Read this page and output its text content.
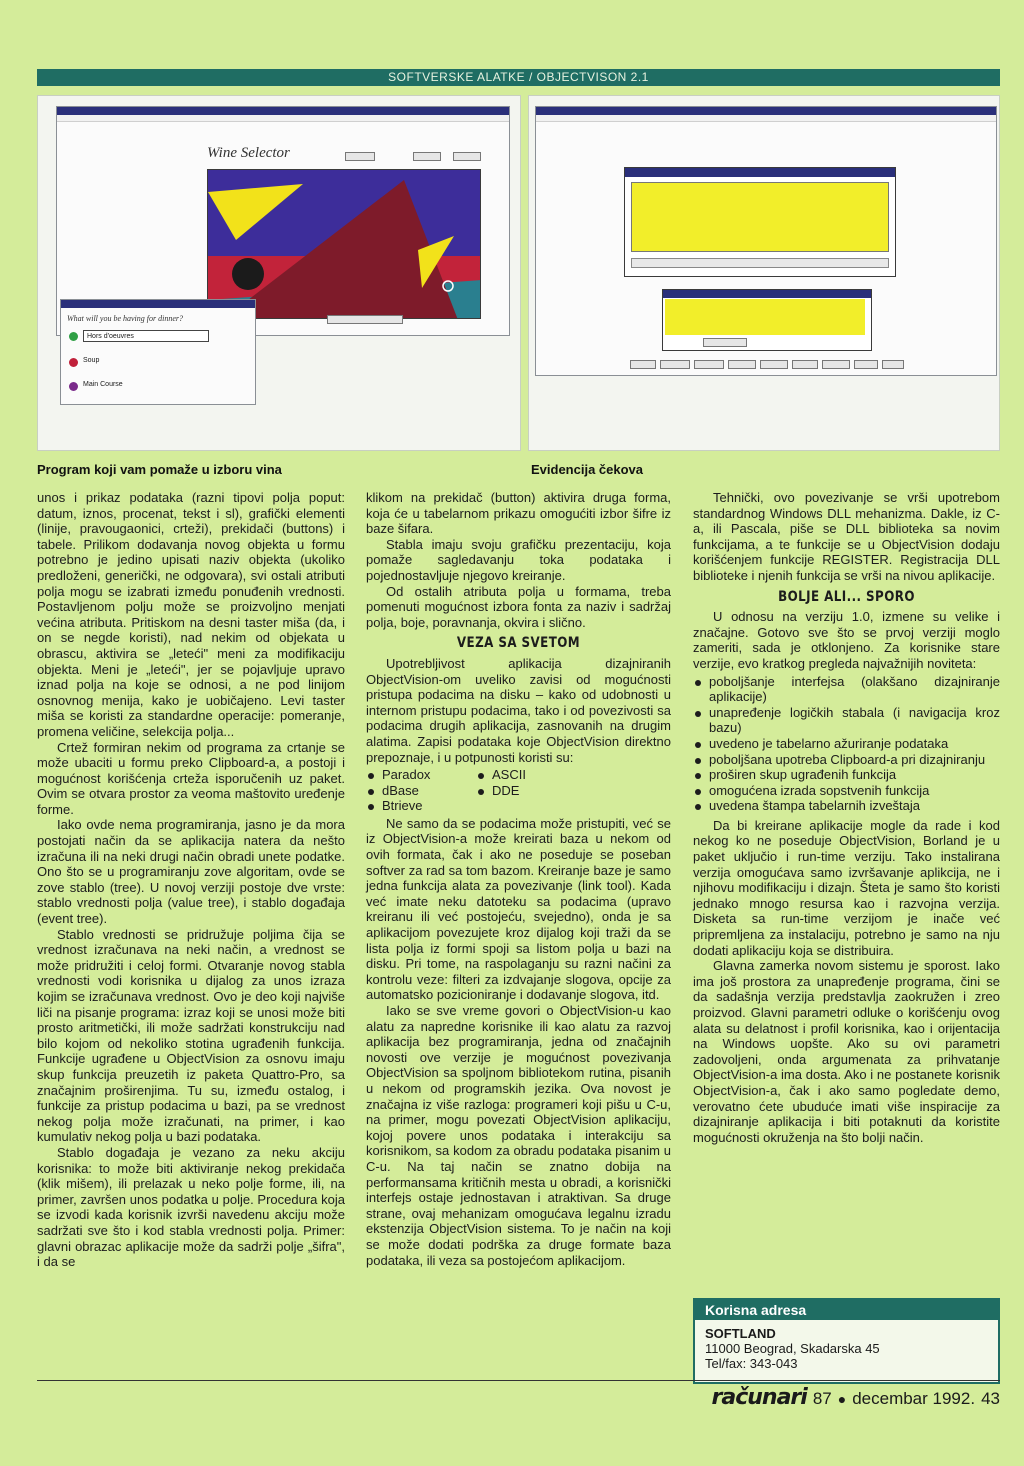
SOFTVERSKE ALATKE / OBJECTVISON 2.1
Wine Selector
What will you be having for dinner?
Hors d'oeuvres
Soup
Main Course
Program koji vam pomaže u izboru vina	Evidencija čekova

unos i prikaz podataka (razni tipovi polja poput: datum, iznos, procenat, tekst i sl), grafički elementi (linije, pravougaonici, crteži), prekidači (buttons) i tabele. Prilikom dodavanja novog objekta u formu potrebno je jedino upisati naziv objekta (ukoliko predloženi, generički, ne odgovara), svi ostali atributi polja mogu se izabrati između ponuđenih vrednosti. Postavljenom polju može se proizvoljno menjati većina atributa. Pritiskom na desni taster miša (da, i on se negde koristi), nad nekim od objekata u obrascu, aktivira se „leteći" meni za modifikaciju objekta. Meni je „leteći", jer se pojavljuje upravo iznad polja na koje se odnosi, a ne pod linijom osnovnog menija, kako je uobičajeno. Levi taster miša se koristi za standardne operacije: pomeranje, promena veličine, selekcija polja...

Crtež formiran nekim od programa za crtanje se može ubaciti u formu preko Clipboard-a, a postoji i mogućnost korišćenja crteža isporučenih uz paket. Ovim se otvara prostor za veoma maštovito uređenje forme.

Iako ovde nema programiranja, jasno je da mora postojati način da se aplikacija natera da nešto izračuna ili na neki drugi način obradi unete podatke. Ono što se u programiranju zove algoritam, ovde se zove stablo (tree). U novoj verziji postoje dve vrste: stablo vrednosti polja (value tree), i stablo događaja (event tree).

Stablo vrednosti se pridružuje poljima čija se vrednost izračunava na neki način, a vrednost se može pridružiti i celoj formi. Otvaranje novog stabla vrednosti vodi korisnika u dijalog za unos izraza kojim se izračunava vrednost. Ovo je deo koji najviše liči na pisanje programa: izraz koji se unosi može biti prosto aritmetički, ili može sadržati konstrukciju nad bilo kojom od nekoliko stotina ugrađenih funkcija. Funkcije ugrađene u ObjectVision za osnovu imaju skup funkcija preuzetih iz paketa Quattro-Pro, sa značajnim proširenjima. Tu su, između ostalog, i funkcije za pristup podacima u bazi, pa se vrednost nekog polja može izračunati, na primer, i kao kumulativ nekog polja u bazi podataka.

Stablo događaja je vezano za neku akciju korisnika: to može biti aktiviranje nekog prekidača (klik mišem), ili prelazak u neko polje forme, ili, na primer, završen unos podatka u polje. Procedura koja se izvodi kada korisnik izvrši navedenu akciju može sadržati sve što i kod stabla vrednosti polja. Primer: glavni obrazac aplikacije može da sadrži polje „šifra", i da se

klikom na prekidač (button) aktivira druga forma, koja će u tabelarnom prikazu omogućiti izbor šifre iz baze šifara.

Stabla imaju svoju grafičku prezentaciju, koja pomaže sagledavanju toka podataka i pojednostavljuje njegovo kreiranje.

Od ostalih atributa polja u formama, treba pomenuti mogućnost izbora fonta za naziv i sadržaj polja, boje, poravnanja, okvira i slično.

VEZA SA SVETOM

Upotrebljivost aplikacija dizajniranih ObjectVision-om uveliko zavisi od mogućnosti pristupa podacima na disku – kako od udobnosti u internom pristupu podacima, tako i od povezivosti sa podacima drugih aplikacija, zasnovanih na drugim alatima. Zapisi podataka koje ObjectVision direktno prepoznaje, i u potpunosti koristi su:

Paradox	ASCII
dBase	DDE
Btrieve

Ne samo da se podacima može pristupiti, već se iz ObjectVision-a može kreirati baza u nekom od ovih formata, čak i ako ne poseduje se poseban softver za rad sa tom bazom. Kreiranje baze je samo jedna funkcija alata za povezivanje (link tool). Kada već imate neku datoteku sa podacima (upravo kreiranu ili već postojeću, svejedno), onda je sa aplikacijom povezujete kroz dijalog koji traži da se lista polja iz formi spoji sa listom polja u bazi na disku. Pri tome, na raspolaganju su razni načini za kontrolu veze: filteri za izdvajanje slogova, opcije za automatsko pozicioniranje i dodavanje slogova, itd.

Iako se sve vreme govori o ObjectVision-u kao alatu za napredne korisnike ili kao alatu za razvoj aplikacija bez programiranja, jedna od značajnih novosti ove verzije je mogućnost povezivanja ObjectVision sa spoljnom bibliotekom rutina, pisanih u nekom od programskih jezika. Ova novost je značajna iz više razloga: programeri koji pišu u C-u, na primer, mogu povezati ObjectVision aplikaciju, kojoj povere unos podataka i interakciju sa korisnikom, sa kodom za obradu podataka pisanim u C-u. Na taj način se znatno dobija na performansama kritičnih mesta u obradi, a korisnički interfejs ostaje jednostavan i atraktivan. Sa druge strane, ovaj mehanizam omogućava legalnu izradu ekstenzija ObjectVision sistema. To je način na koji se može dodati podrška za druge formate baza podataka, ili veza sa postojećom aplikacijom.

Tehnički, ovo povezivanje se vrši upotrebom standardnog Windows DLL mehanizma. Dakle, iz C-a, ili Pascala, piše se DLL biblioteka sa novim funkcijama, a te funkcije se u ObjectVision dodaju korišćenjem funkcije REGISTER. Registracija DLL biblioteke i njenih funkcija se vrši na nivou aplikacije.

BOLJE ALI... SPORO

U odnosu na verziju 1.0, izmene su velike i značajne. Gotovo sve što se prvoj verziji moglo zameriti, sada je otklonjeno. Za korisnike stare verzije, evo kratkog pregleda najvažnijih noviteta:

poboljšanje interfejsa (olakšano dizajniranje aplikacije)
unapređenje logičkih stabala (i navigacija kroz bazu)
uvedeno je tabelarno ažuriranje podataka
poboljšana upotreba Clipboard-a pri dizajniranju
proširen skup ugrađenih funkcija
omogućena izrada sopstvenih funkcija
uvedena štampa tabelarnih izveštaja

Da bi kreirane aplikacije mogle da rade i kod nekog ko ne poseduje ObjectVision, Borland je u paket uključio i run-time verziju. Tako instalirana verzija omogućava samo izvršavanje aplikcija, ne i njihovu modifikaciju i dizajn. Šteta je samo što koristi jednako mnogo resursa kao i razvojna verzija. Disketa sa run-time verzijom je inače već pripremljena za instalaciju, potrebno je samo na nju dodati aplikaciju koja se distribuira.

Glavna zamerka novom sistemu je sporost. Iako ima još prostora za unapređenje programa, čini se da sadašnja verzija predstavlja zaokružen i zreo proizvod. Glavni parametri odluke o korišćenju ovog alata su delatnost i profil korisnika, kao i orijentacija na Windows uopšte. Ako su ovi parametri zadovoljeni, onda argumenata za prihvatanje ObjectVision-a ima dosta. Ako i ne postanete korisnik ObjectVision-a, čak i ako samo pogledate demo, verovatno ćete ubuduće imati više inspiracije za dizajniranje aplikacija i biti potaknuti da koristite mogućnosti okruženja na što bolji način.

Korisna adresa
SOFTLAND
11000 Beograd, Skadarska 45
Tel/fax: 343-043
računari 87 ● decembar 1992. 43
